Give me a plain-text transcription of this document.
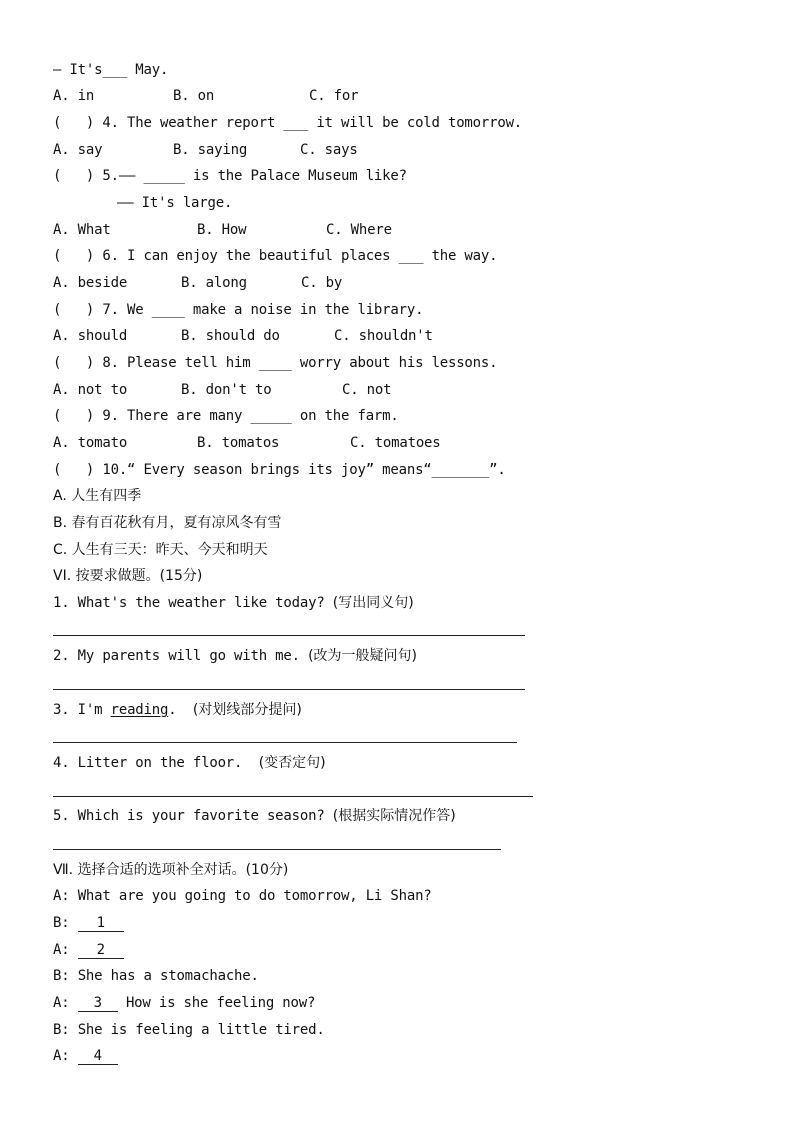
— It's___ May.
A. in	B. on	C. for
(   ) 4. The weather report ___ it will be cold tomorrow.
A. say	B. saying	C. says
(   ) 5.—— _____ is the Palace Museum like?
—— It's large.
A. What	B. How	C. Where
(   ) 6. I can enjoy the beautiful places ___ the way.
A. beside	B. along	C. by
(   ) 7. We ____ make a noise in the library.
A. should	B. should do	C. shouldn't
(   ) 8. Please tell him ____ worry about his lessons.
A. not to	B. don't to	C. not
(   ) 9. There are many _____ on the farm.
A. tomato	B. tomatos	C. tomatoes
(   ) 10.“ Every season brings its joy” means“_______”.
A. 人生有四季
B. 春有百花秋有月，夏有凉风冬有雪
C. 人生有三天：昨天、今天和明天
VI. 按要求做题。(15分)
1. What's the weather like today? (写出同义句)
2. My parents will go with me. (改为一般疑问句)
3. I'm reading.  (对划线部分提问)
4. Litter on the floor.  (变否定句)
5. Which is your favorite season? (根据实际情况作答)
Ⅶ. 选择合适的选项补全对话。(10分)
A: What are you going to do tomorrow, Li Shan?
B: 1
A: 2
B: She has a stomachache.
A: 3 How is she feeling now?
B: She is feeling a little tired.
A: 4
